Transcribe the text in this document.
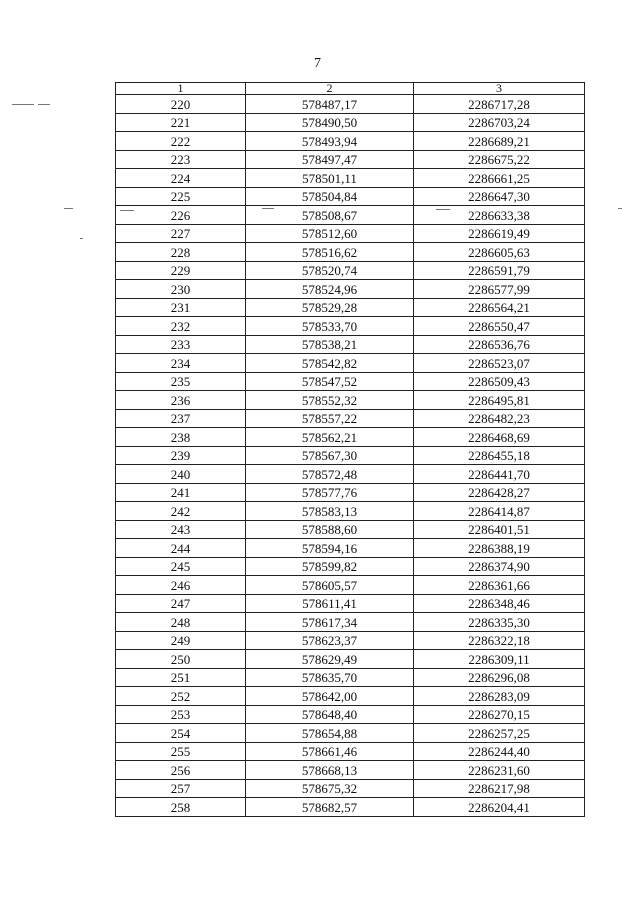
7
1	2	3
220	578487,17	2286717,28
221	578490,50	2286703,24
222	578493,94	2286689,21
223	578497,47	2286675,22
224	578501,11	2286661,25
225	578504,84	2286647,30
226	578508,67	2286633,38
227	578512,60	2286619,49
228	578516,62	2286605,63
229	578520,74	2286591,79
230	578524,96	2286577,99
231	578529,28	2286564,21
232	578533,70	2286550,47
233	578538,21	2286536,76
234	578542,82	2286523,07
235	578547,52	2286509,43
236	578552,32	2286495,81
237	578557,22	2286482,23
238	578562,21	2286468,69
239	578567,30	2286455,18
240	578572,48	2286441,70
241	578577,76	2286428,27
242	578583,13	2286414,87
243	578588,60	2286401,51
244	578594,16	2286388,19
245	578599,82	2286374,90
246	578605,57	2286361,66
247	578611,41	2286348,46
248	578617,34	2286335,30
249	578623,37	2286322,18
250	578629,49	2286309,11
251	578635,70	2286296,08
252	578642,00	2286283,09
253	578648,40	2286270,15
254	578654,88	2286257,25
255	578661,46	2286244,40
256	578668,13	2286231,60
257	578675,32	2286217,98
258	578682,57	2286204,41
